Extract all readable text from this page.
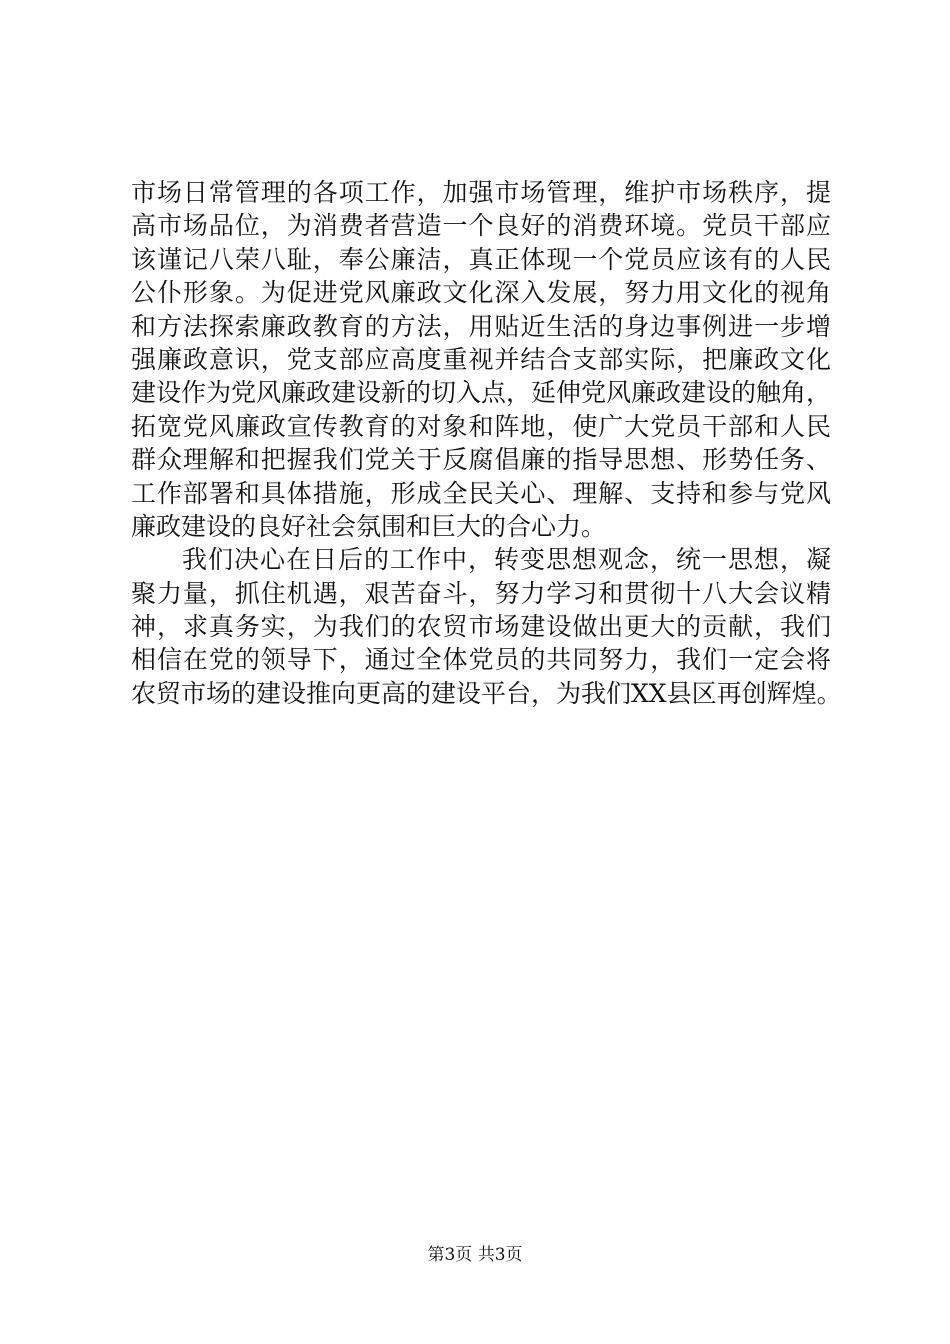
市场日常管理的各项工作，加强市场管理，维护市场秩序，提
高市场品位，为消费者营造一个良好的消费环境。党员干部应
该谨记八荣八耻，奉公廉洁，真正体现一个党员应该有的人民
公仆形象。为促进党风廉政文化深入发展，努力用文化的视角
和方法探索廉政教育的方法，用贴近生活的身边事例进一步增
强廉政意识，党支部应高度重视并结合支部实际，把廉政文化
建设作为党风廉政建设新的切入点，延伸党风廉政建设的触角，
拓宽党风廉政宣传教育的对象和阵地，使广大党员干部和人民
群众理解和把握我们党关于反腐倡廉的指导思想、形势任务、
工作部署和具体措施，形成全民关心、理解、支持和参与党风
廉政建设的良好社会氛围和巨大的合心力。
我们决心在日后的工作中，转变思想观念，统一思想，凝
聚力量，抓住机遇，艰苦奋斗，努力学习和贯彻十八大会议精
神，求真务实，为我们的农贸市场建设做出更大的贡献，我们
相信在党的领导下，通过全体党员的共同努力，我们一定会将
农贸市场的建设推向更高的建设平台，为我们XX县区再创辉煌。
第3页 共3页
